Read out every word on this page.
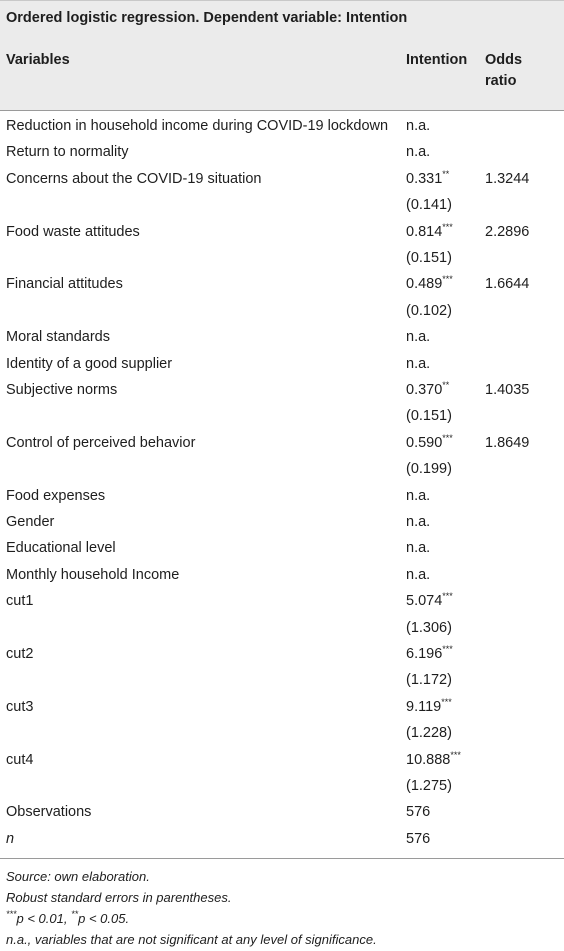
Ordered logistic regression. Dependent variable: Intention
Variables	Intention Odds
ratio
Reduction in household income during COVID-19 lockdown n.a.
Return to normality	n.a.
Concerns about the COVID-19 situation	0.331** 1.3244
(0.141)
Food waste attitudes	0.814*** 2.2896
(0.151)
Financial attitudes	0.489*** 1.6644
(0.102)
Moral standards	n.a.
Identity of a good supplier	n.a.
Subjective norms	0.370** 1.4035
(0.151)
Control of perceived behavior	0.590*** 1.8649
(0.199)
Food expenses	n.a.
Gender	n.a.
Educational level	n.a.
Monthly household Income	n.a.
cut1	5.074***
(1.306)
cut2	6.196***
(1.172)
cut3	9.119***
(1.228)
cut4	10.888***
(1.275)
Observations	576
n	576
Source: own elaboration.
Robust standard errors in parentheses.
***p < 0.01, **p < 0.05.
n.a., variables that are not significant at any level of significance.
